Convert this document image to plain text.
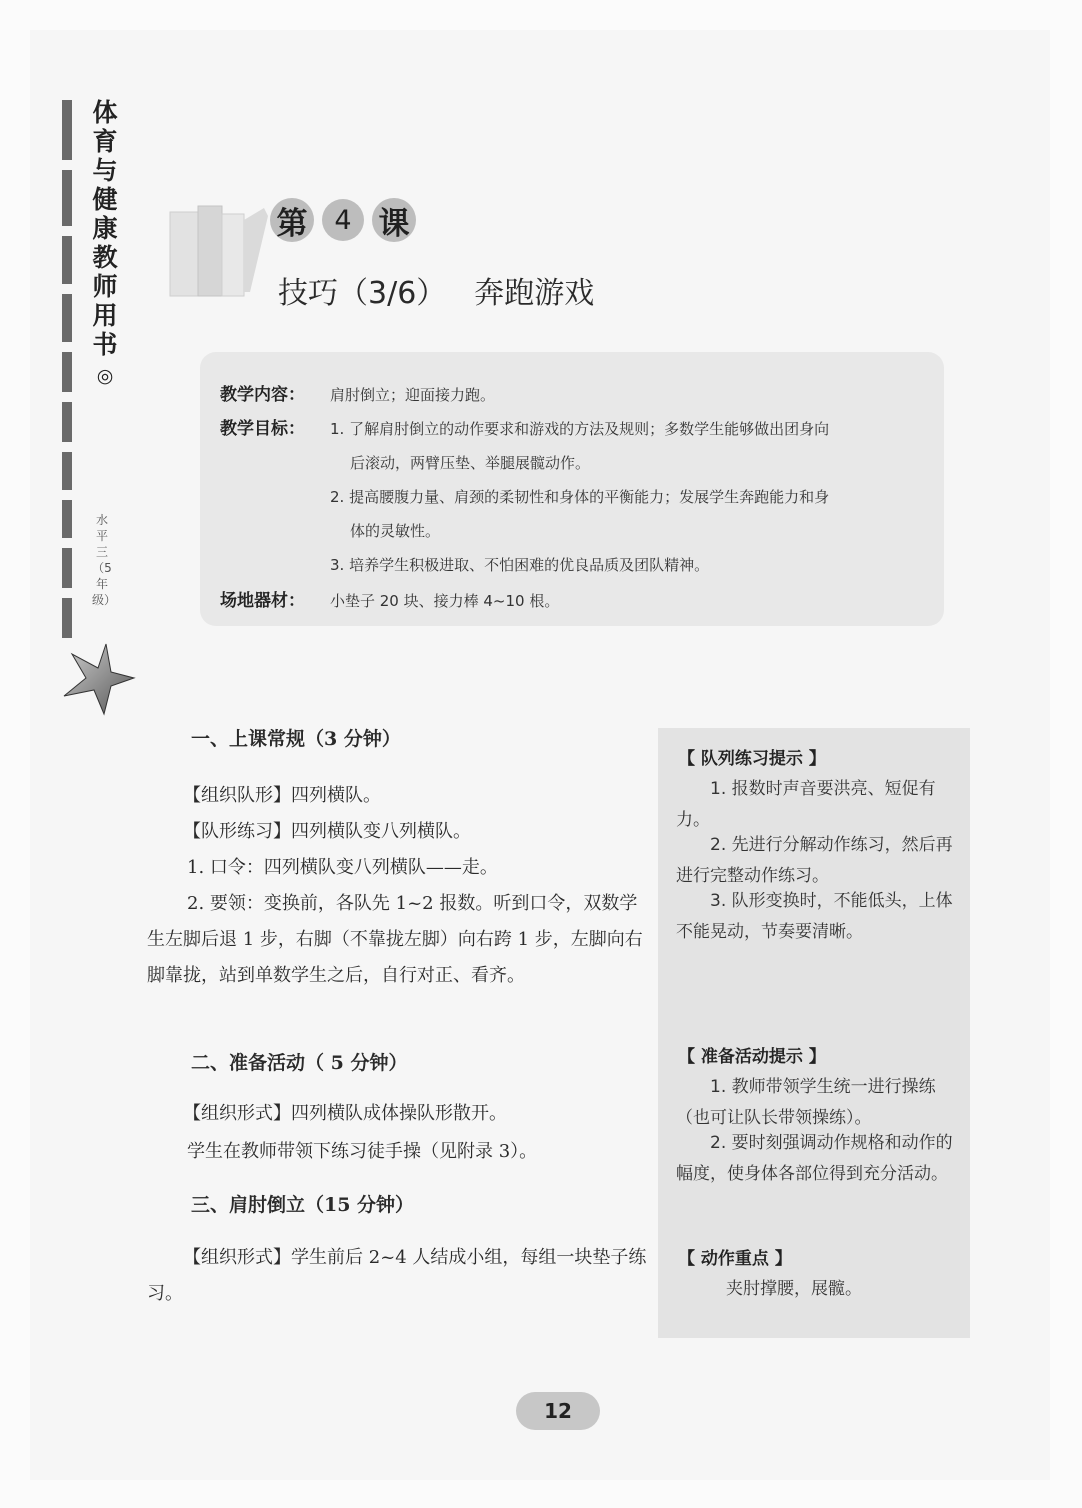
体育与健康教师用书
◎
水平三（5年级）
第 4 课
技巧（3/6） 奔跑游戏
教学内容：	肩肘倒立；迎面接力跑。
教学目标：	1. 了解肩肘倒立的动作要求和游戏的方法及规则；多数学生能够做出团身向
后滚动，两臂压垫、举腿展髋动作。
2. 提高腰腹力量、肩颈的柔韧性和身体的平衡能力；发展学生奔跑能力和身
体的灵敏性。
3. 培养学生积极进取、不怕困难的优良品质及团队精神。
场地器材：	小垫子 20 块、接力棒 4~10 根。
一、上课常规（3 分钟）
【组织队形】四列横队。
【队形练习】四列横队变八列横队。
1. 口令：四列横队变八列横队——走。
2. 要领：变换前，各队先 1~2 报数。听到口令，双数学生左脚后退 1 步，右脚（不靠拢左脚）向右跨 1 步，左脚向右脚靠拢，站到单数学生之后，自行对正、看齐。
二、准备活动（ 5 分钟）
【组织形式】四列横队成体操队形散开。
学生在教师带领下练习徒手操（见附录 3）。
三、肩肘倒立（15 分钟）
【组织形式】学生前后 2~4 人结成小组，每组一块垫子练习。
【 队列练习提示 】
1. 报数时声音要洪亮、短促有力。
2. 先进行分解动作练习，然后再进行完整动作练习。
3. 队形变换时，不能低头，上体不能晃动，节奏要清晰。
【 准备活动提示 】
1. 教师带领学生统一进行操练（也可让队长带领操练）。
2. 要时刻强调动作规格和动作的幅度，使身体各部位得到充分活动。
【 动作重点 】
夹肘撑腰，展髋。
12
